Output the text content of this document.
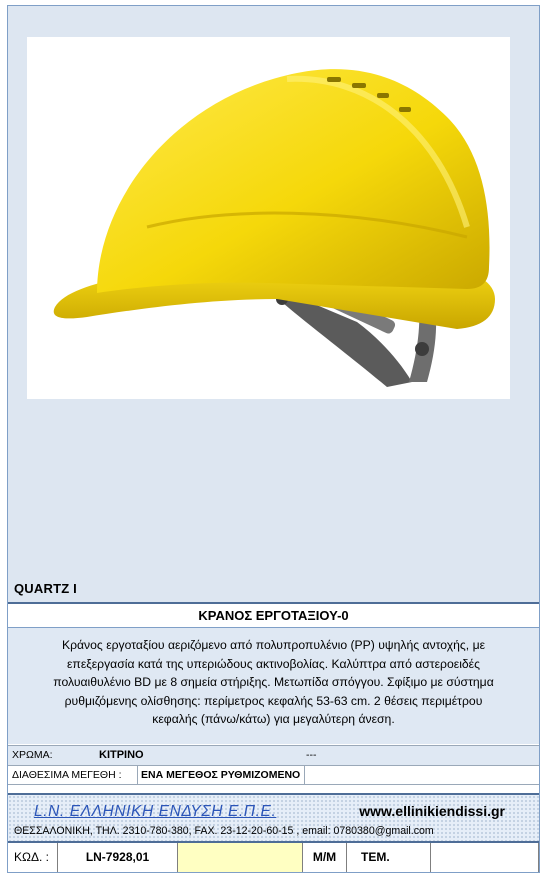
QUARTZ I
ΚΡΑΝΟΣ ΕΡΓΟΤΑΞΙΟΥ-0
Κράνος εργοταξίου αεριζόμενο από πολυπροπυλένιο (PP) υψηλής αντοχής, με
επεξεργασία κατά της υπεριώδους ακτινοβολίας. Καλύπτρα από αστεροειδές
πολυαιθυλένιο BD με 8 σημεία στήριξης. Μετωπίδα σπόγγου. Σφίξιμο με σύστημα
ρυθμιζόμενης ολίσθησης: περίμετρος κεφαλής 53-63 cm. 2 θέσεις περιμέτρου
κεφαλής (πάνω/κάτω) για μεγαλύτερη άνεση.
ΧΡΩΜΑ:	ΚΙΤΡΙΝΟ	---
ΔΙΑΘΕΣΙΜΑ ΜΕΓΕΘΗ : ΕΝΑ ΜΕΓΕΘΟΣ ΡΥΘΜΙΖΟΜΕΝΟ
L.N. ΕΛΛΗΝΙΚΗ ΕΝΔΥΣΗ Ε.Π.Ε.	www.ellinikiendissi.gr
ΘΕΣΣΑΛΟΝΙΚΗ, ΤΗΛ. 2310-780-380, FAX. 23-12-20-60-15 , email: 0780380@gmail.com
ΚΩΔ. :	LN-7928,01	Μ/Μ	ΤΕΜ.
